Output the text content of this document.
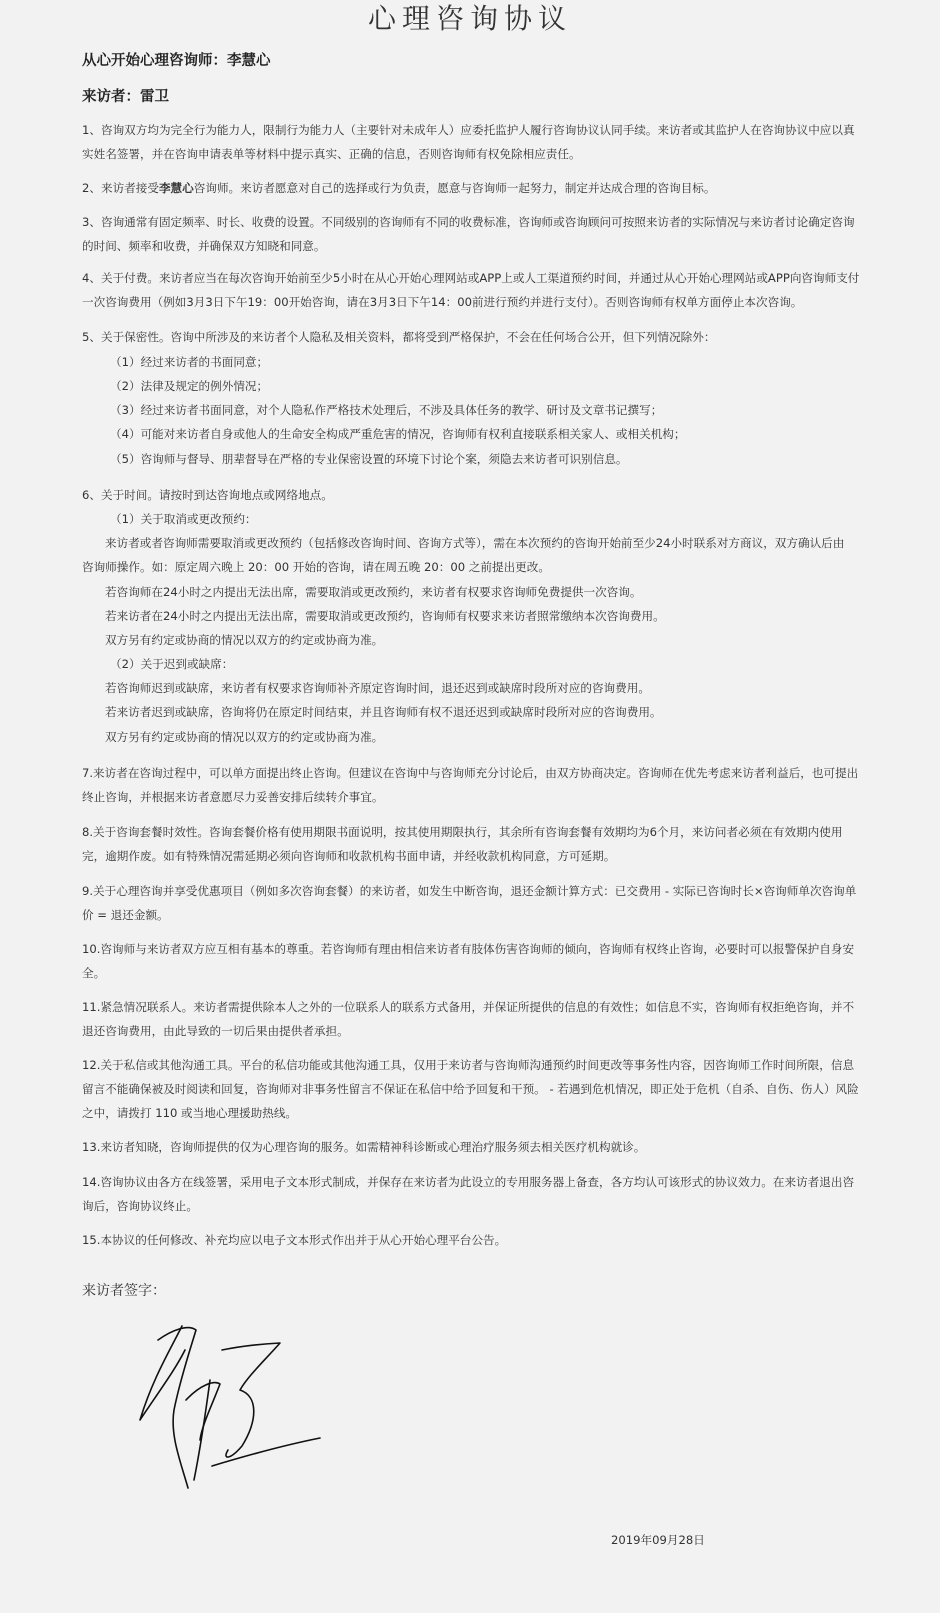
心理咨询协议
从心开始心理咨询师：李慧心
来访者：雷卫
1、咨询双方均为完全行为能力人，限制行为能力人（主要针对未成年人）应委托监护人履行咨询协议认同手续。来访者或其监护人在咨询协议中应以真实姓名签署，并在咨询申请表单等材料中提示真实、正确的信息，否则咨询师有权免除相应责任。
2、来访者接受李慧心咨询师。来访者愿意对自己的选择或行为负责，愿意与咨询师一起努力，制定并达成合理的咨询目标。
3、咨询通常有固定频率、时长、收费的设置。不同级别的咨询师有不同的收费标准，咨询师或咨询顾问可按照来访者的实际情况与来访者讨论确定咨询的时间、频率和收费，并确保双方知晓和同意。
4、关于付费。来访者应当在每次咨询开始前至少5小时在从心开始心理网站或APP上或人工渠道预约时间，并通过从心开始心理网站或APP向咨询师支付一次咨询费用（例如3月3日下午19：00开始咨询，请在3月3日下午14：00前进行预约并进行支付）。否则咨询师有权单方面停止本次咨询。
5、关于保密性。咨询中所涉及的来访者个人隐私及相关资料，都将受到严格保护，不会在任何场合公开，但下列情况除外：
（1）经过来访者的书面同意；
（2）法律及规定的例外情况；
（3）经过来访者书面同意，对个人隐私作严格技术处理后，不涉及具体任务的教学、研讨及文章书记撰写；
（4）可能对来访者自身或他人的生命安全构成严重危害的情况，咨询师有权利直接联系相关家人、或相关机构；
（5）咨询师与督导、朋辈督导在严格的专业保密设置的环境下讨论个案，须隐去来访者可识别信息。
6、关于时间。请按时到达咨询地点或网络地点。
（1）关于取消或更改预约：
来访者或者咨询师需要取消或更改预约（包括修改咨询时间、咨询方式等），需在本次预约的咨询开始前至少24小时联系对方商议，双方确认后由
咨询师操作。如：原定周六晚上 20：00 开始的咨询，请在周五晚 20：00 之前提出更改。
若咨询师在24小时之内提出无法出席，需要取消或更改预约，来访者有权要求咨询师免费提供一次咨询。
若来访者在24小时之内提出无法出席，需要取消或更改预约，咨询师有权要求来访者照常缴纳本次咨询费用。
双方另有约定或协商的情况以双方的约定或协商为准。
（2）关于迟到或缺席：
若咨询师迟到或缺席，来访者有权要求咨询师补齐原定咨询时间，退还迟到或缺席时段所对应的咨询费用。
若来访者迟到或缺席，咨询将仍在原定时间结束，并且咨询师有权不退还迟到或缺席时段所对应的咨询费用。
双方另有约定或协商的情况以双方的约定或协商为准。
7.来访者在咨询过程中，可以单方面提出终止咨询。但建议在咨询中与咨询师充分讨论后，由双方协商决定。咨询师在优先考虑来访者利益后，也可提出终止咨询，并根据来访者意愿尽力妥善安排后续转介事宜。
8.关于咨询套餐时效性。咨询套餐价格有使用期限书面说明，按其使用期限执行，其余所有咨询套餐有效期均为6个月，来访问者必须在有效期内使用完，逾期作废。如有特殊情况需延期必须向咨询师和收款机构书面申请，并经收款机构同意，方可延期。
9.关于心理咨询并享受优惠项目（例如多次咨询套餐）的来访者，如发生中断咨询，退还金额计算方式：已交费用 - 实际已咨询时长×咨询师单次咨询单价 = 退还金额。
10.咨询师与来访者双方应互相有基本的尊重。若咨询师有理由相信来访者有肢体伤害咨询师的倾向，咨询师有权终止咨询，必要时可以报警保护自身安全。
11.紧急情况联系人。来访者需提供除本人之外的一位联系人的联系方式备用，并保证所提供的信息的有效性；如信息不实，咨询师有权拒绝咨询，并不退还咨询费用，由此导致的一切后果由提供者承担。
12.关于私信或其他沟通工具。平台的私信功能或其他沟通工具，仅用于来访者与咨询师沟通预约时间更改等事务性内容，因咨询师工作时间所限，信息留言不能确保被及时阅读和回复，咨询师对非事务性留言不保证在私信中给予回复和干预。 - 若遇到危机情况，即正处于危机（自杀、自伤、伤人）风险之中，请拨打 110 或当地心理援助热线。
13.来访者知晓，咨询师提供的仅为心理咨询的服务。如需精神科诊断或心理治疗服务须去相关医疗机构就诊。
14.咨询协议由各方在线签署，采用电子文本形式制成，并保存在来访者为此设立的专用服务器上备查，各方均认可该形式的协议效力。在来访者退出咨询后，咨询协议终止。
15.本协议的任何修改、补充均应以电子文本形式作出并于从心开始心理平台公告。
来访者签字：
2019年09月28日
